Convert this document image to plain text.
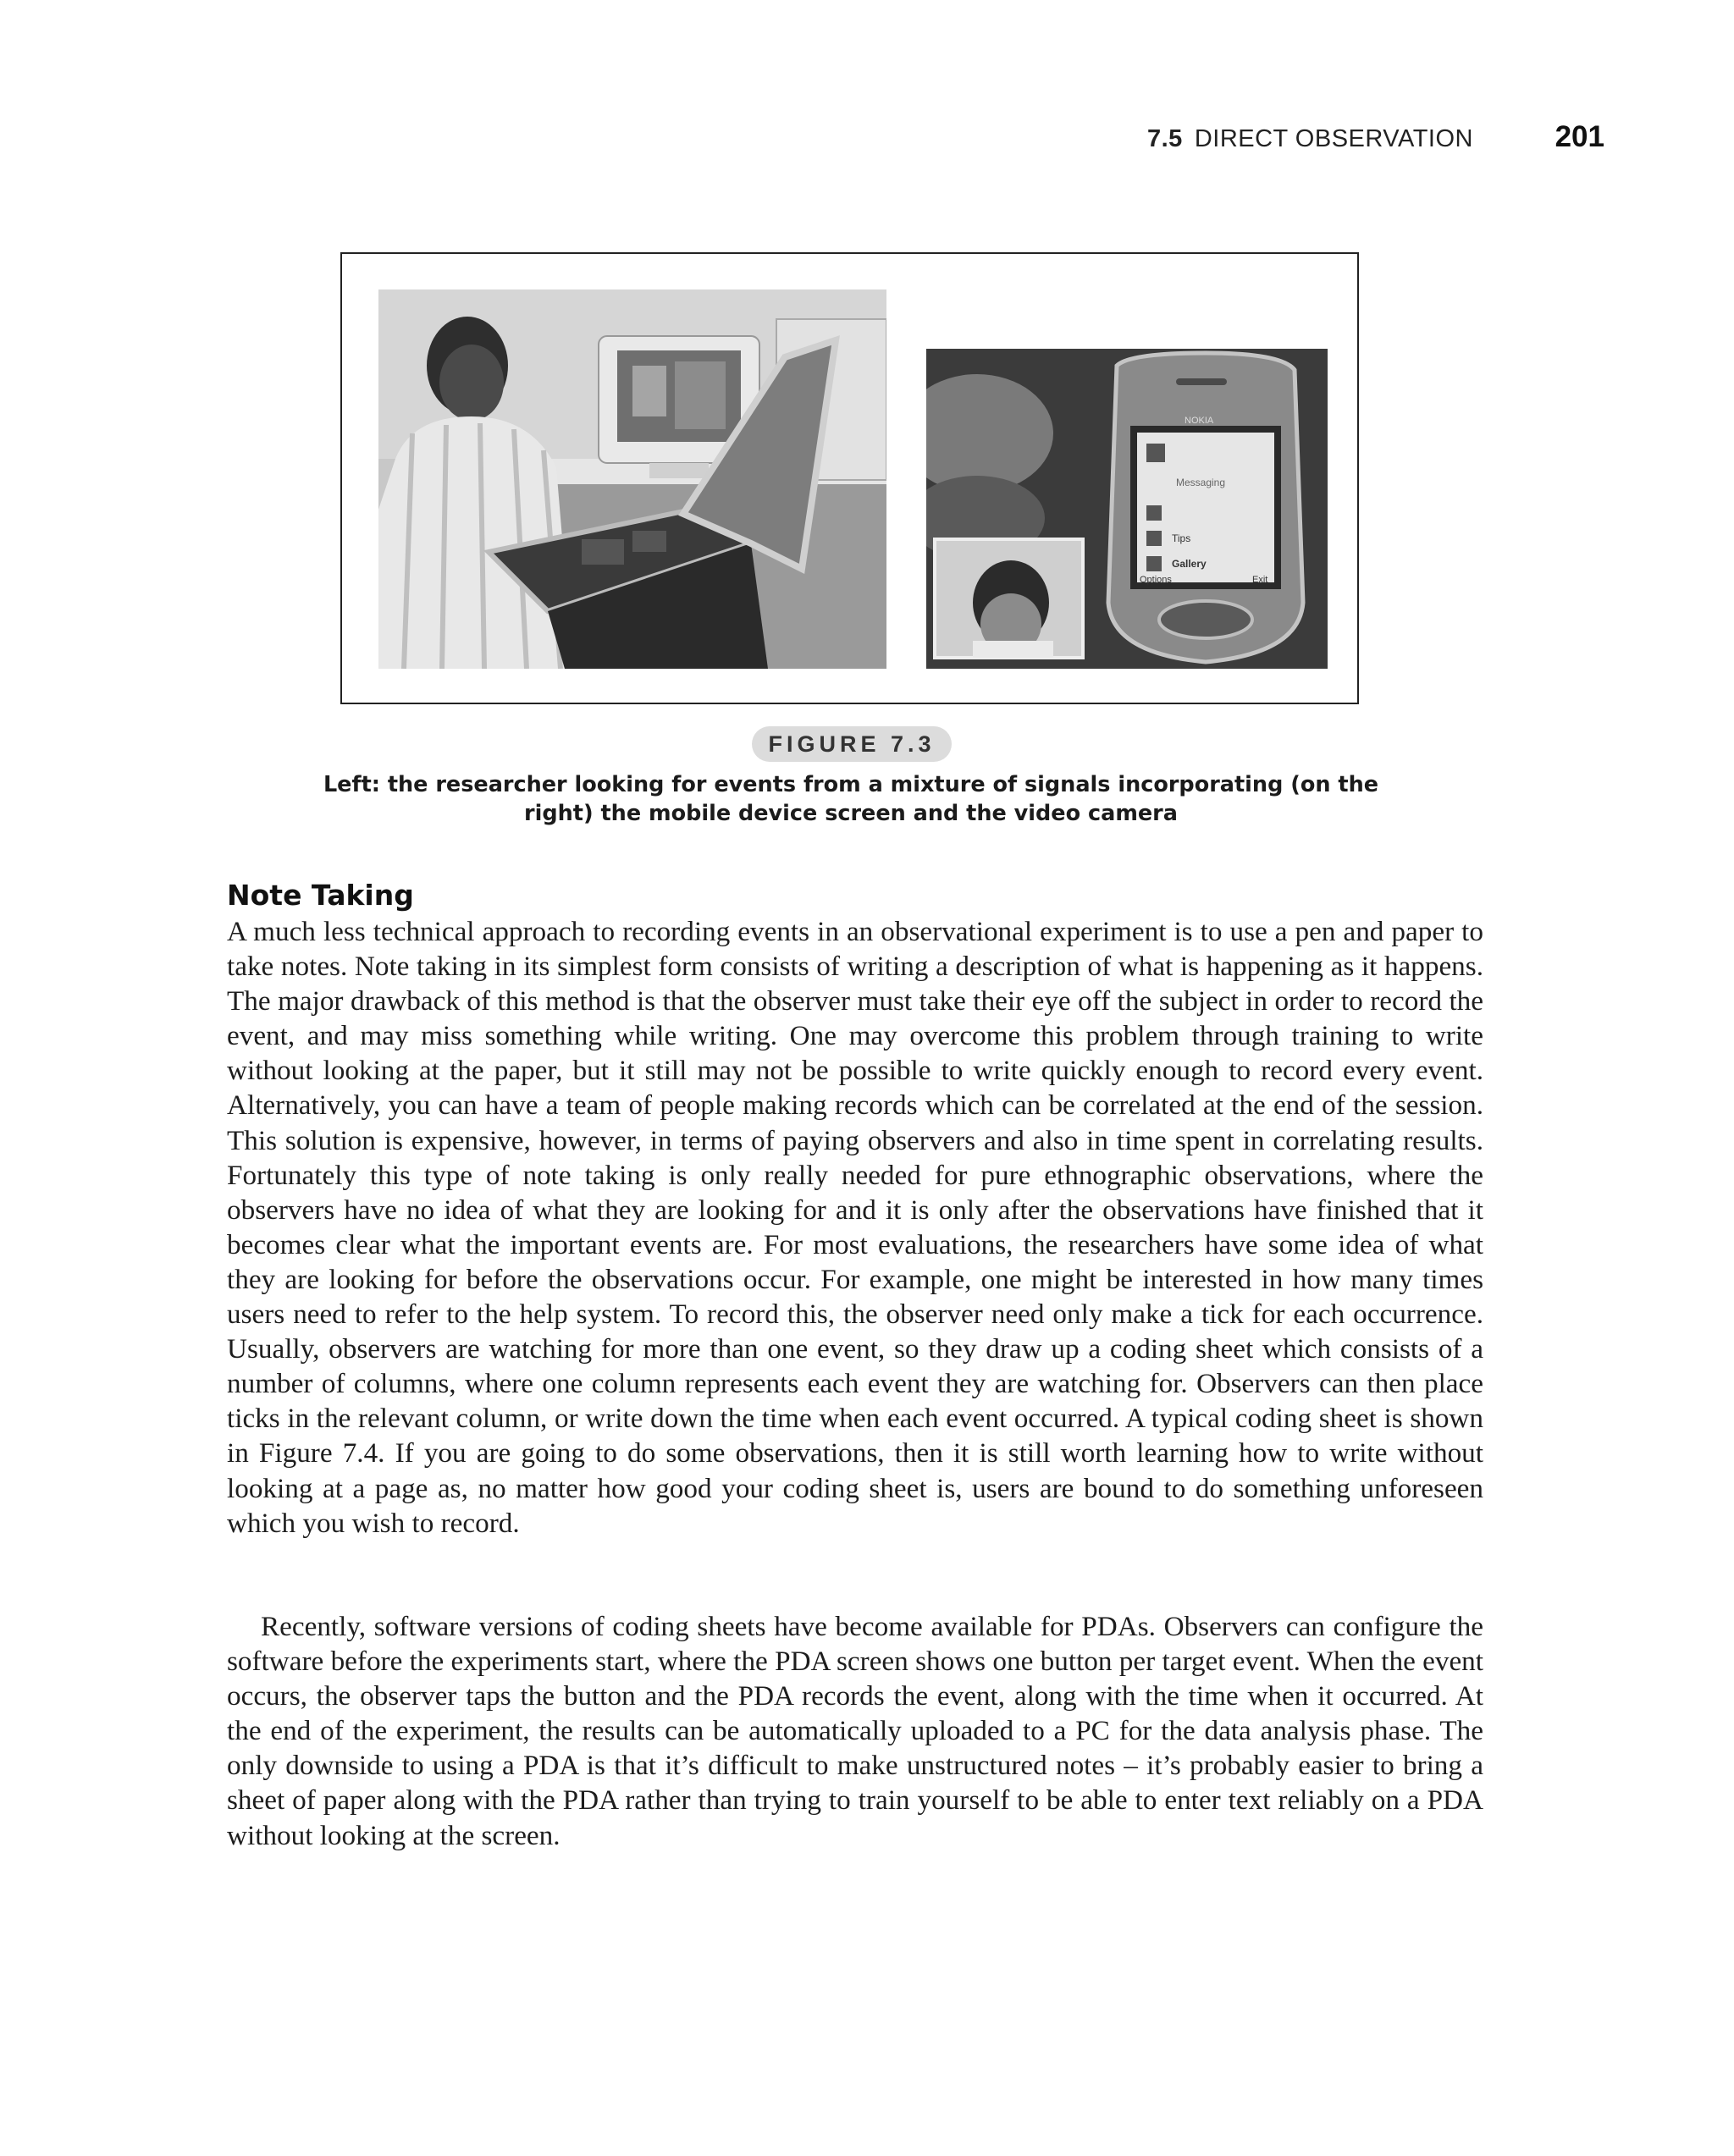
7.5 DIRECT OBSERVATION	201
Messaging
Tips
Gallery
Options	Exit
NOKIA
FIGURE 7.3
Left: the researcher looking for events from a mixture of signals incorporating (on the right) the mobile device screen and the video camera
Note Taking

A much less technical approach to recording events in an observational experiment is to use a pen and paper to take notes. Note taking in its simplest form consists of writing a description of what is happening as it happens. The major drawback of this method is that the observer must take their eye off the subject in order to record the event, and may miss something while writing. One may overcome this problem through training to write without looking at the paper, but it still may not be possible to write quickly enough to record every event. Alternatively, you can have a team of people making records which can be correlated at the end of the session. This solution is expensive, however, in terms of paying observers and also in time spent in correlating results. Fortunately this type of note taking is only really needed for pure ethnographic observations, where the observers have no idea of what they are looking for and it is only after the observations have finished that it becomes clear what the important events are. For most evaluations, the researchers have some idea of what they are looking for before the observations occur. For example, one might be interested in how many times users need to refer to the help system. To record this, the observer need only make a tick for each occurrence. Usually, observers are watching for more than one event, so they draw up a coding sheet which consists of a number of columns, where one column represents each event they are watching for. Observers can then place ticks in the relevant column, or write down the time when each event occurred. A typical coding sheet is shown in Figure 7.4. If you are going to do some observations, then it is still worth learning how to write without looking at a page as, no matter how good your coding sheet is, users are bound to do something unforeseen which you wish to record.

Recently, software versions of coding sheets have become available for PDAs. Observers can configure the software before the experiments start, where the PDA screen shows one button per target event. When the event occurs, the observer taps the button and the PDA records the event, along with the time when it occurred. At the end of the experiment, the results can be automatically uploaded to a PC for the data analysis phase. The only downside to using a PDA is that it’s difficult to make unstructured notes – it’s probably easier to bring a sheet of paper along with the PDA rather than trying to train yourself to be able to enter text reliably on a PDA without looking at the screen.
